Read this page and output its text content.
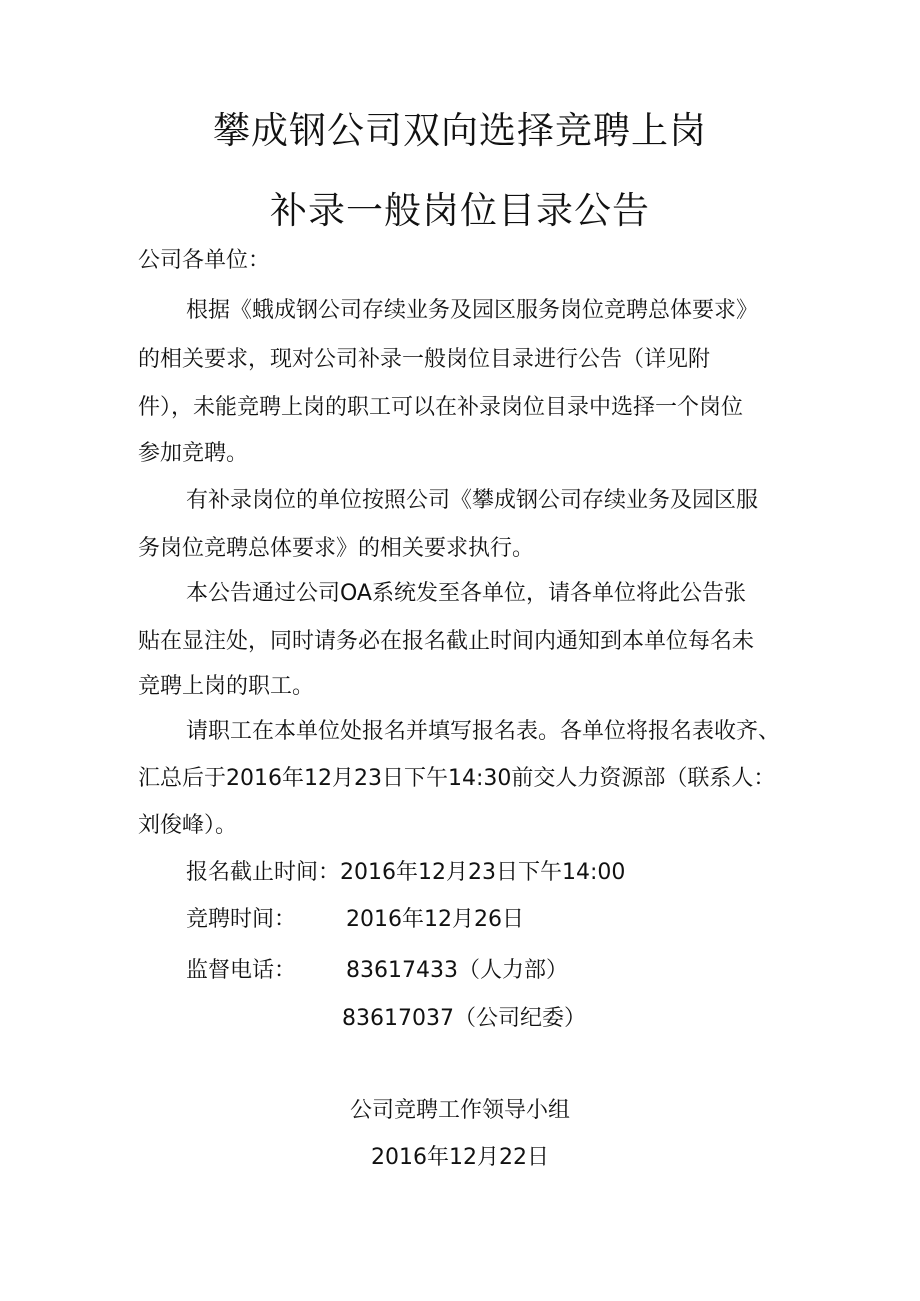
攀成钢公司双向选择竞聘上岗
补录一般岗位目录公告

公司各单位：

根据《蛾成钢公司存续业务及园区服务岗位竞聘总体要求》

的相关要求，现对公司补录一般岗位目录进行公告（详见附

件），未能竞聘上岗的职工可以在补录岗位目录中选择一个岗位

参加竞聘。

有补录岗位的单位按照公司《攀成钢公司存续业务及园区服

务岗位竞聘总体要求》的相关要求执行。

本公告通过公司OA系统发至各单位，请各单位将此公告张

贴在显注处，同时请务必在报名截止时间内通知到本单位每名未

竞聘上岗的职工。

请职工在本单位处报名并填写报名表。各单位将报名表收齐、

汇总后于2016年12月23日下午14:30前交人力资源部（联系人：

刘俊峰）。

报名截止时间：2016年12月23日下午14:00

竞聘时间： 2016年12月26日

监督电话： 83617433（人力部）

83617037（公司纪委）

公司竞聘工作领导小组

2016年12月22日
